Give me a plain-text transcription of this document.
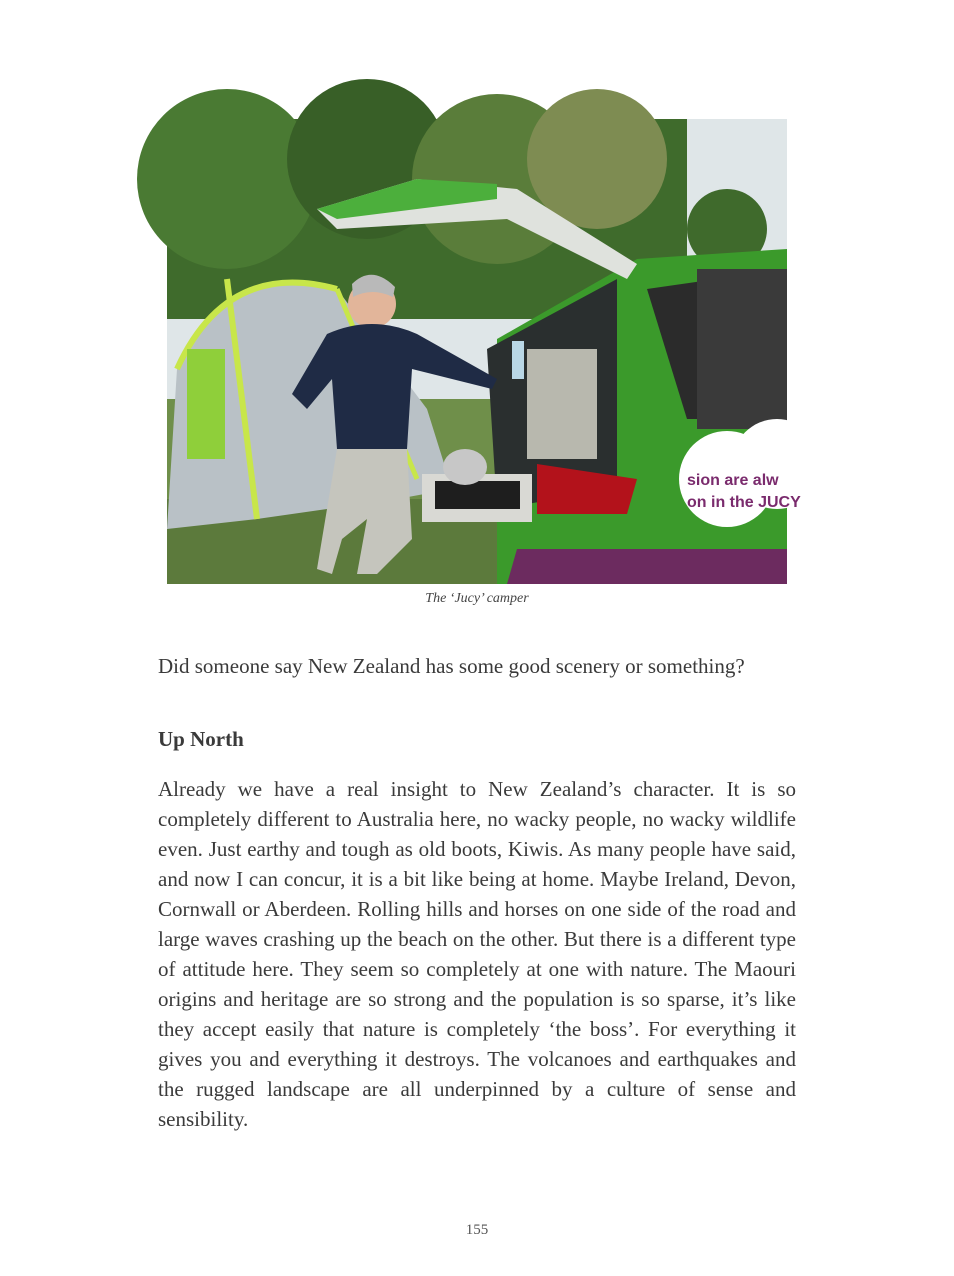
sion are alw
on in the JUCY
The ‘Jucy’ camper

Did someone say New Zealand has some good scenery or something?

Up North

Already we have a real insight to New Zealand’s character. It is so completely different to Australia here, no wacky people, no wacky wildlife even. Just earthy and tough as old boots, Kiwis. As many people have said, and now I can concur, it is a bit like being at home. Maybe Ireland, Devon, Cornwall or Aberdeen. Rolling hills and horses on one side of the road and large waves crashing up the beach on the other. But there is a different type of attitude here. They seem so completely at one with nature. The Maouri origins and heritage are so strong and the population is so sparse, it’s like they accept easily that nature is completely ‘the boss’. For everything it gives you and everything it destroys. The volcanoes and earthquakes and the rugged landscape are all underpinned by a culture of sense and sensibility.

155
